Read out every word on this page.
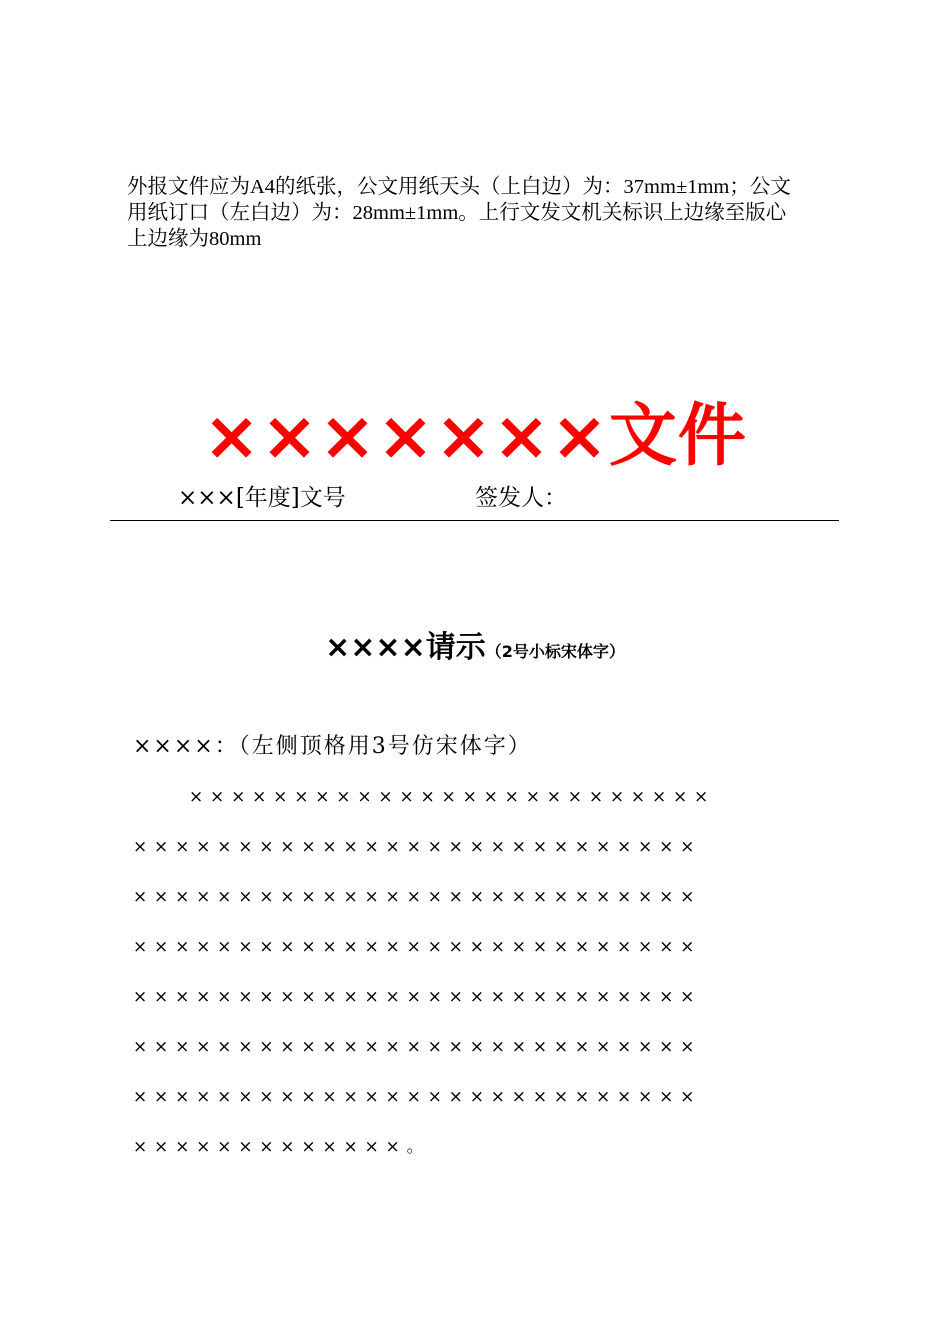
外报文件应为A4的纸张，公文用纸天头（上白边）为：37mm±1mm；公文
用纸订口（左白边）为：28mm±1mm。上行文发文机关标识上边缘至版心
上边缘为80mm
×××××××文件
×××[年度]文号	签发人：
××××请示（2号小标宋体字）
××××：（左侧顶格用3号仿宋体字）
×××××××××××××××××××××××××
×××××××××××××××××××××××××××
×××××××××××××××××××××××××××
×××××××××××××××××××××××××××
×××××××××××××××××××××××××××
×××××××××××××××××××××××××××
×××××××××××××××××××××××××××
×××××××××××××。
